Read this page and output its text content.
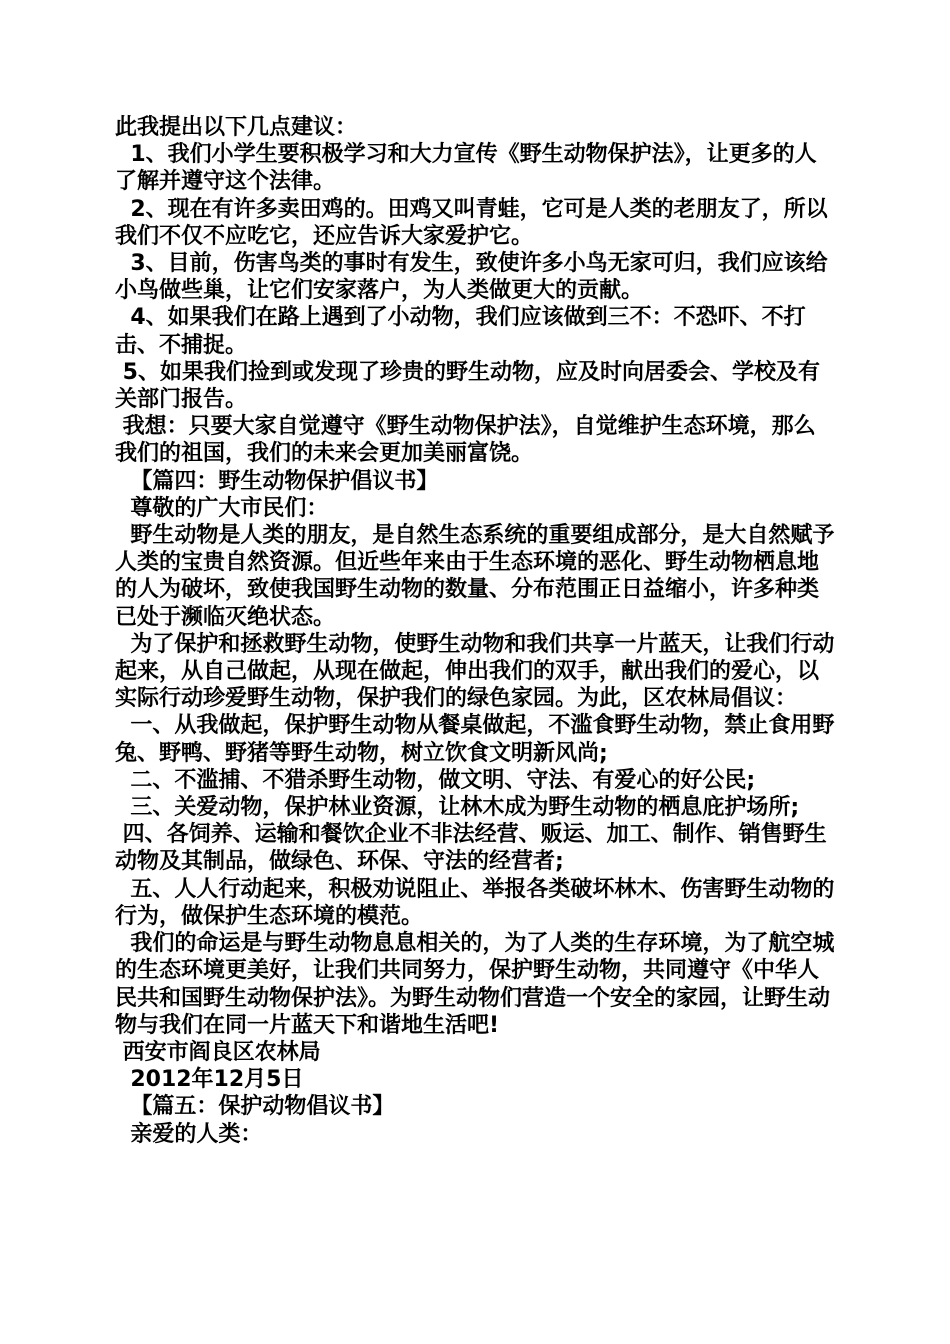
此我提出以下几点建议：

1、我们小学生要积极学习和大力宣传《野生动物保护法》，让更多的人了解并遵守这个法律。

2、现在有许多卖田鸡的。田鸡又叫青蛙，它可是人类的老朋友了，所以我们不仅不应吃它，还应告诉大家爱护它。

3、目前，伤害鸟类的事时有发生，致使许多小鸟无家可归，我们应该给小鸟做些巢，让它们安家落户，为人类做更大的贡献。

4、如果我们在路上遇到了小动物，我们应该做到三不：不恐吓、不打击、不捕捉。

5、如果我们捡到或发现了珍贵的野生动物，应及时向居委会、学校及有关部门报告。

我想：只要大家自觉遵守《野生动物保护法》，自觉维护生态环境，那么我们的祖国，我们的未来会更加美丽富饶。

【篇四：野生动物保护倡议书】

尊敬的广大市民们：

野生动物是人类的朋友，是自然生态系统的重要组成部分，是大自然赋予人类的宝贵自然资源。但近些年来由于生态环境的恶化、野生动物栖息地的人为破坏，致使我国野生动物的数量、分布范围正日益缩小，许多种类已处于濒临灭绝状态。

为了保护和拯救野生动物，使野生动物和我们共享一片蓝天，让我们行动起来，从自己做起，从现在做起，伸出我们的双手，献出我们的爱心，以实际行动珍爱野生动物，保护我们的绿色家园。为此，区农林局倡议：

一、从我做起，保护野生动物从餐桌做起，不滥食野生动物，禁止食用野兔、野鸭、野猪等野生动物，树立饮食文明新风尚;

二、不滥捕、不猎杀野生动物，做文明、守法、有爱心的好公民;

三、关爱动物，保护林业资源，让林木成为野生动物的栖息庇护场所;

四、各饲养、运输和餐饮企业不非法经营、贩运、加工、制作、销售野生动物及其制品，做绿色、环保、守法的经营者;

五、人人行动起来，积极劝说阻止、举报各类破坏林木、伤害野生动物的行为，做保护生态环境的模范。

我们的命运是与野生动物息息相关的，为了人类的生存环境，为了航空城的生态环境更美好，让我们共同努力，保护野生动物，共同遵守《中华人民共和国野生动物保护法》。为野生动物们营造一个安全的家园，让野生动物与我们在同一片蓝天下和谐地生活吧!

西安市阎良区农林局

2012年12月5日

【篇五：保护动物倡议书】

亲爱的人类：
